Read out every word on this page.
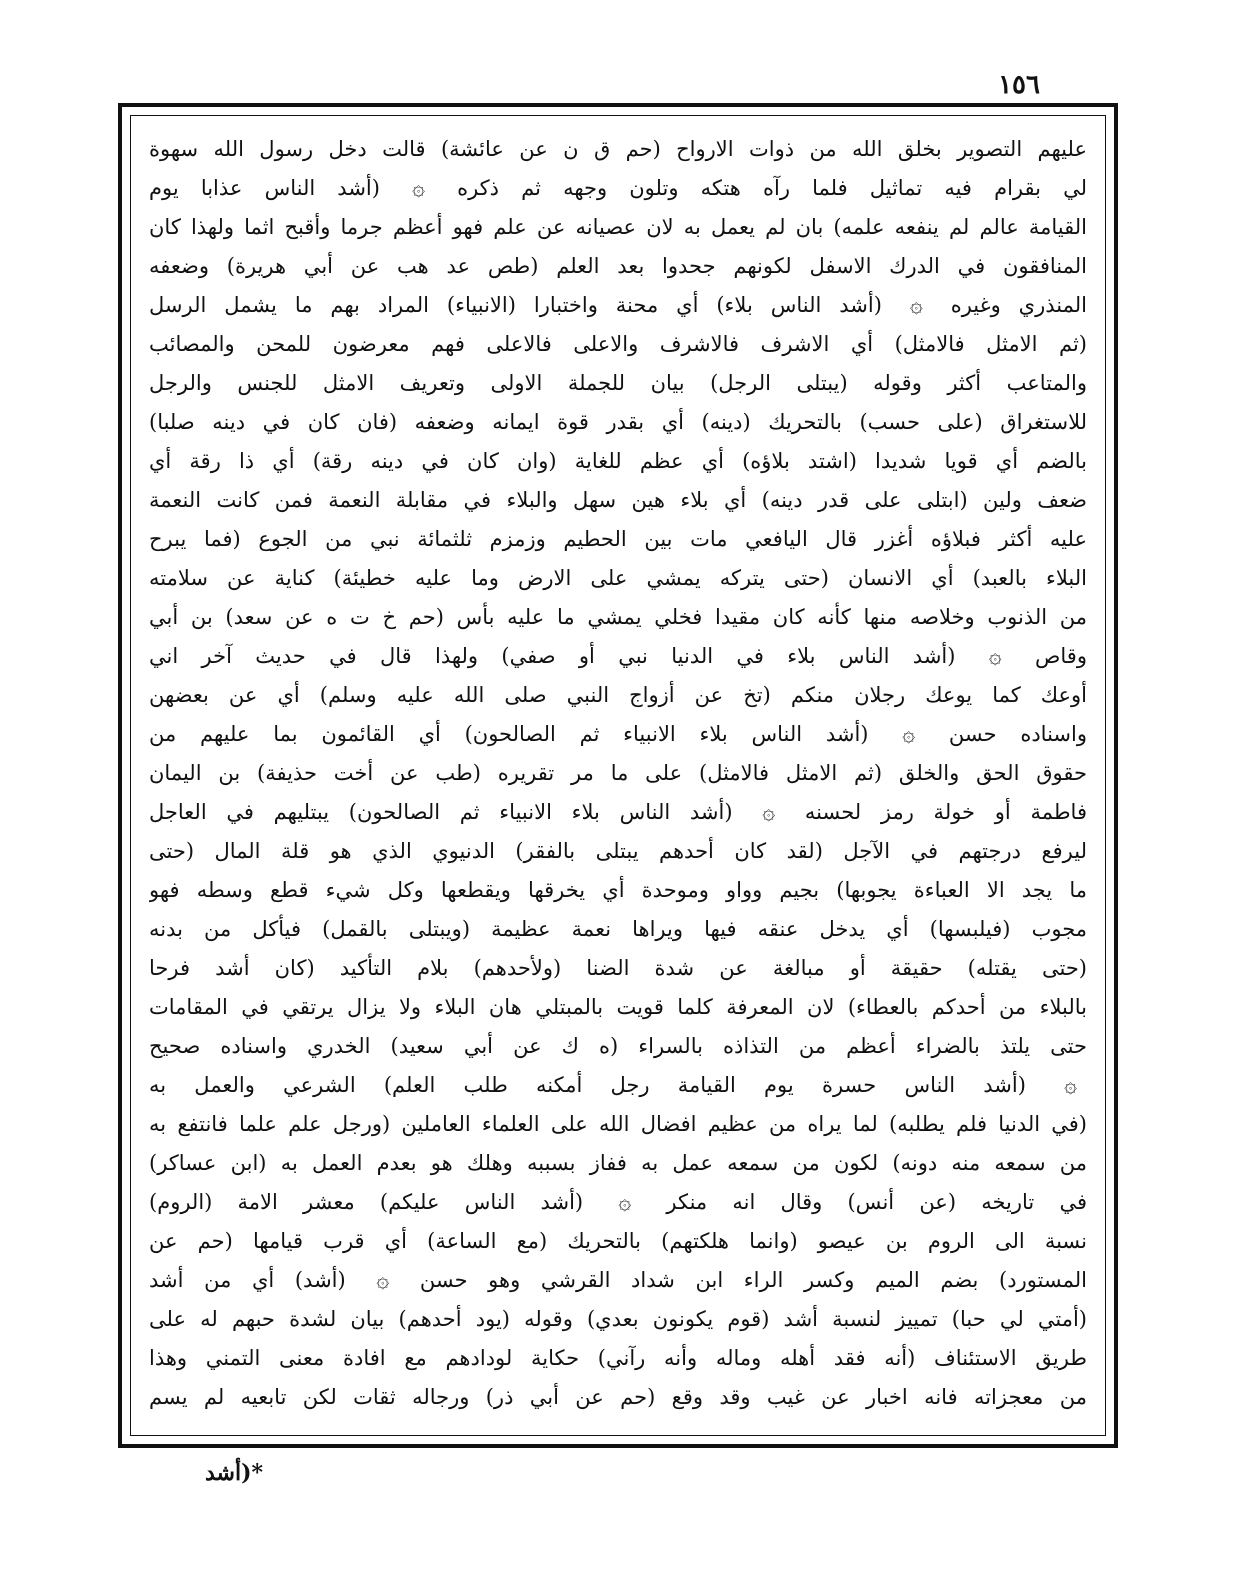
١٥٦
عليهم التصوير بخلق الله من ذوات الارواح (حم ق ن عن عائشة) قالت دخل رسول الله سهوة
لي بقرام فيه تماثيل فلما رآه هتكه وتلون وجهه ثم ذكره ۞ (أشد الناس عذابا يوم
القيامة عالم لم ينفعه علمه) بان لم يعمل به لان عصيانه عن علم فهو أعظم جرما وأقبح اثما ولهذا كان
المنافقون في الدرك الاسفل لكونهم جحدوا بعد العلم (طص عد هب عن أبي هريرة) وضعفه
المنذري وغيره ۞ (أشد الناس بلاء) أي محنة واختبارا (الانبياء) المراد بهم ما يشمل الرسل
(ثم الامثل فالامثل) أي الاشرف فالاشرف والاعلى فالاعلى فهم معرضون للمحن والمصائب
والمتاعب أكثر وقوله (يبتلى الرجل) بيان للجملة الاولى وتعريف الامثل للجنس والرجل
للاستغراق (على حسب) بالتحريك (دينه) أي بقدر قوة ايمانه وضعفه (فان كان في دينه صلبا)
بالضم أي قويا شديدا (اشتد بلاؤه) أي عظم للغاية (وان كان في دينه رقة) أي ذا رقة أي
ضعف ولين (ابتلى على قدر دينه) أي بلاء هين سهل والبلاء في مقابلة النعمة فمن كانت النعمة
عليه أكثر فبلاؤه أغزر قال اليافعي مات بين الحطيم وزمزم ثلثمائة نبي من الجوع (فما يبرح
البلاء بالعبد) أي الانسان (حتى يتركه يمشي على الارض وما عليه خطيئة) كناية عن سلامته
من الذنوب وخلاصه منها كأنه كان مقيدا فخلي يمشي ما عليه بأس (حم خ ت ه عن سعد) بن أبي
وقاص ۞ (أشد الناس بلاء في الدنيا نبي أو صفي) ولهذا قال في حديث آخر اني
أوعك كما يوعك رجلان منكم (تخ عن أزواج النبي صلى الله عليه وسلم) أي عن بعضهن
واسناده حسن ۞ (أشد الناس بلاء الانبياء ثم الصالحون) أي القائمون بما عليهم من
حقوق الحق والخلق (ثم الامثل فالامثل) على ما مر تقريره (طب عن أخت حذيفة) بن اليمان
فاطمة أو خولة رمز لحسنه ۞ (أشد الناس بلاء الانبياء ثم الصالحون) يبتليهم في العاجل
ليرفع درجتهم في الآجل (لقد كان أحدهم يبتلى بالفقر) الدنيوي الذي هو قلة المال (حتى
ما يجد الا العباءة يجوبها) بجيم وواو وموحدة أي يخرقها ويقطعها وكل شيء قطع وسطه فهو
مجوب (فيلبسها) أي يدخل عنقه فيها ويراها نعمة عظيمة (ويبتلى بالقمل) فيأكل من بدنه
(حتى يقتله) حقيقة أو مبالغة عن شدة الضنا (ولأحدهم) بلام التأكيد (كان أشد فرحا
بالبلاء من أحدكم بالعطاء) لان المعرفة كلما قويت بالمبتلي هان البلاء ولا يزال يرتقي في المقامات
حتى يلتذ بالضراء أعظم من التذاذه بالسراء (ه ك عن أبي سعيد) الخدري واسناده صحيح
۞ (أشد الناس حسرة يوم القيامة رجل أمكنه طلب العلم) الشرعي والعمل به
(في الدنيا فلم يطلبه) لما يراه من عظيم افضال الله على العلماء العاملين (ورجل علم علما فانتفع به
من سمعه منه دونه) لكون من سمعه عمل به ففاز بسببه وهلك هو بعدم العمل به (ابن عساكر)
في تاريخه (عن أنس) وقال انه منكر ۞ (أشد الناس عليكم) معشر الامة (الروم)
نسبة الى الروم بن عيصو (وانما هلكتهم) بالتحريك (مع الساعة) أي قرب قيامها (حم عن
المستورد) بضم الميم وكسر الراء ابن شداد القرشي وهو حسن ۞ (أشد) أي من أشد
(أمتي لي حبا) تمييز لنسبة أشد (قوم يكونون بعدي) وقوله (يود أحدهم) بيان لشدة حبهم له على
طريق الاستئناف (أنه فقد أهله وماله وأنه رآني) حكاية لودادهم مع افادة معنى التمني وهذا
من معجزاته فانه اخبار عن غيب وقد وقع (حم عن أبي ذر) ورجاله ثقات لكن تابعيه لم يسم
*(أشد
